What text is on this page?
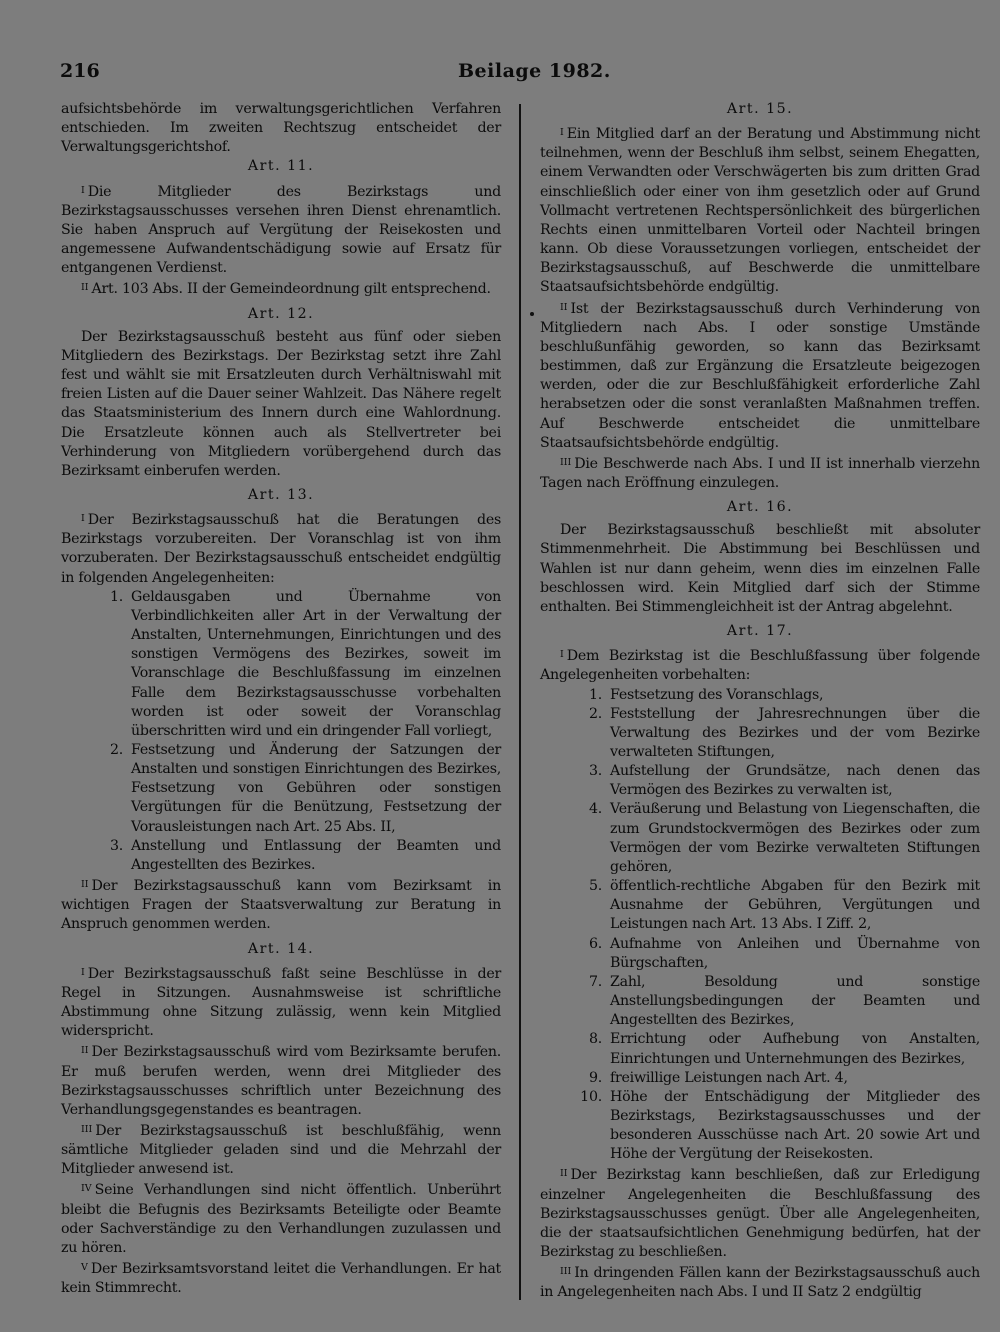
216	Beilage 1982.

aufsichtsbehörde im verwaltungsgerichtlichen Verfahren entschieden. Im zweiten Rechtszug entscheidet der Verwaltungsgerichtshof.

Art. 11.

$^I$ Die Mitglieder des Bezirkstags und Bezirkstagsausschusses versehen ihren Dienst ehrenamtlich. Sie haben Anspruch auf Vergütung der Reisekosten und angemessene Aufwandentschädigung sowie auf Ersatz für entgangenen Verdienst.

$^{II}$ Art. 103 Abs. II der Gemeindeordnung gilt entsprechend.

Art. 12.

Der Bezirkstagsausschuß besteht aus fünf oder sieben Mitgliedern des Bezirkstags. Der Bezirkstag setzt ihre Zahl fest und wählt sie mit Ersatzleuten durch Verhältniswahl mit freien Listen auf die Dauer seiner Wahlzeit. Das Nähere regelt das Staatsministerium des Innern durch eine Wahlordnung. Die Ersatzleute können auch als Stellvertreter bei Verhinderung von Mitgliedern vorübergehend durch das Bezirksamt einberufen werden.

Art. 13.

$^I$ Der Bezirkstagsausschuß hat die Beratungen des Bezirkstags vorzubereiten. Der Voranschlag ist von ihm vorzuberaten. Der Bezirkstagsausschuß entscheidet endgültig in folgenden Angelegenheiten:

1. Geldausgaben und Übernahme von Verbindlichkeiten aller Art in der Verwaltung der Anstalten, Unternehmungen, Einrichtungen und des sonstigen Vermögens des Bezirkes, soweit im Voranschlage die Beschlußfassung im einzelnen Falle dem Bezirkstagsausschusse vorbehalten worden ist oder soweit der Voranschlag überschritten wird und ein dringender Fall vorliegt,
2. Festsetzung und Änderung der Satzungen der Anstalten und sonstigen Einrichtungen des Bezirkes, Festsetzung von Gebühren oder sonstigen Vergütungen für die Benützung, Festsetzung der Vorausleistungen nach Art. 25 Abs. II,
3. Anstellung und Entlassung der Beamten und Angestellten des Bezirkes.

$^{II}$ Der Bezirkstagsausschuß kann vom Bezirksamt in wichtigen Fragen der Staatsverwaltung zur Beratung in Anspruch genommen werden.

Art. 14.

$^I$ Der Bezirkstagsausschuß faßt seine Beschlüsse in der Regel in Sitzungen. Ausnahmsweise ist schriftliche Abstimmung ohne Sitzung zulässig, wenn kein Mitglied widerspricht.

$^{II}$ Der Bezirkstagsausschuß wird vom Bezirksamte berufen. Er muß berufen werden, wenn drei Mitglieder des Bezirkstagsausschusses schriftlich unter Bezeichnung des Verhandlungsgegenstandes es beantragen.

$^{III}$ Der Bezirkstagsausschuß ist beschlußfähig, wenn sämtliche Mitglieder geladen sind und die Mehrzahl der Mitglieder anwesend ist.

$^{IV}$ Seine Verhandlungen sind nicht öffentlich. Unberührt bleibt die Befugnis des Bezirksamts Beteiligte oder Beamte oder Sachverständige zu den Verhandlungen zuzulassen und zu hören.

$^V$ Der Bezirksamtsvorstand leitet die Verhandlungen. Er hat kein Stimmrecht.

Art. 15.

$^I$ Ein Mitglied darf an der Beratung und Abstimmung nicht teilnehmen, wenn der Beschluß ihm selbst, seinem Ehegatten, einem Verwandten oder Verschwägerten bis zum dritten Grad einschließlich oder einer von ihm gesetzlich oder auf Grund Vollmacht vertretenen Rechtspersönlichkeit des bürgerlichen Rechts einen unmittelbaren Vorteil oder Nachteil bringen kann. Ob diese Voraussetzungen vorliegen, entscheidet der Bezirkstagsausschuß, auf Beschwerde die unmittelbare Staatsaufsichtsbehörde endgültig.

$^{II}$ Ist der Bezirkstagsausschuß durch Verhinderung von Mitgliedern nach Abs. I oder sonstige Umstände beschlußunfähig geworden, so kann das Bezirksamt bestimmen, daß zur Ergänzung die Ersatzleute beigezogen werden, oder die zur Beschlußfähigkeit erforderliche Zahl herabsetzen oder die sonst veranlaßten Maßnahmen treffen. Auf Beschwerde entscheidet die unmittelbare Staatsaufsichtsbehörde endgültig.

$^{III}$ Die Beschwerde nach Abs. I und II ist innerhalb vierzehn Tagen nach Eröffnung einzulegen.

Art. 16.

Der Bezirkstagsausschuß beschließt mit absoluter Stimmenmehrheit. Die Abstimmung bei Beschlüssen und Wahlen ist nur dann geheim, wenn dies im einzelnen Falle beschlossen wird. Kein Mitglied darf sich der Stimme enthalten. Bei Stimmengleichheit ist der Antrag abgelehnt.

Art. 17.

$^I$ Dem Bezirkstag ist die Beschlußfassung über folgende Angelegenheiten vorbehalten:

1. Festsetzung des Voranschlags,
2. Feststellung der Jahresrechnungen über die Verwaltung des Bezirkes und der vom Bezirke verwalteten Stiftungen,
3. Aufstellung der Grundsätze, nach denen das Vermögen des Bezirkes zu verwalten ist,
4. Veräußerung und Belastung von Liegenschaften, die zum Grundstockvermögen des Bezirkes oder zum Vermögen der vom Bezirke verwalteten Stiftungen gehören,
5. öffentlich-rechtliche Abgaben für den Bezirk mit Ausnahme der Gebühren, Vergütungen und Leistungen nach Art. 13 Abs. I Ziff. 2,
6. Aufnahme von Anleihen und Übernahme von Bürgschaften,
7. Zahl, Besoldung und sonstige Anstellungsbedingungen der Beamten und Angestellten des Bezirkes,
8. Errichtung oder Aufhebung von Anstalten, Einrichtungen und Unternehmungen des Bezirkes,
9. freiwillige Leistungen nach Art. 4,
10. Höhe der Entschädigung der Mitglieder des Bezirkstags, Bezirkstagsausschusses und der besonderen Ausschüsse nach Art. 20 sowie Art und Höhe der Vergütung der Reisekosten.

$^{II}$ Der Bezirkstag kann beschließen, daß zur Erledigung einzelner Angelegenheiten die Beschlußfassung des Bezirkstagsausschusses genügt. Über alle Angelegenheiten, die der staatsaufsichtlichen Genehmigung bedürfen, hat der Bezirkstag zu beschließen.

$^{III}$ In dringenden Fällen kann der Bezirkstagsausschuß auch in Angelegenheiten nach Abs. I und II Satz 2 endgültig
